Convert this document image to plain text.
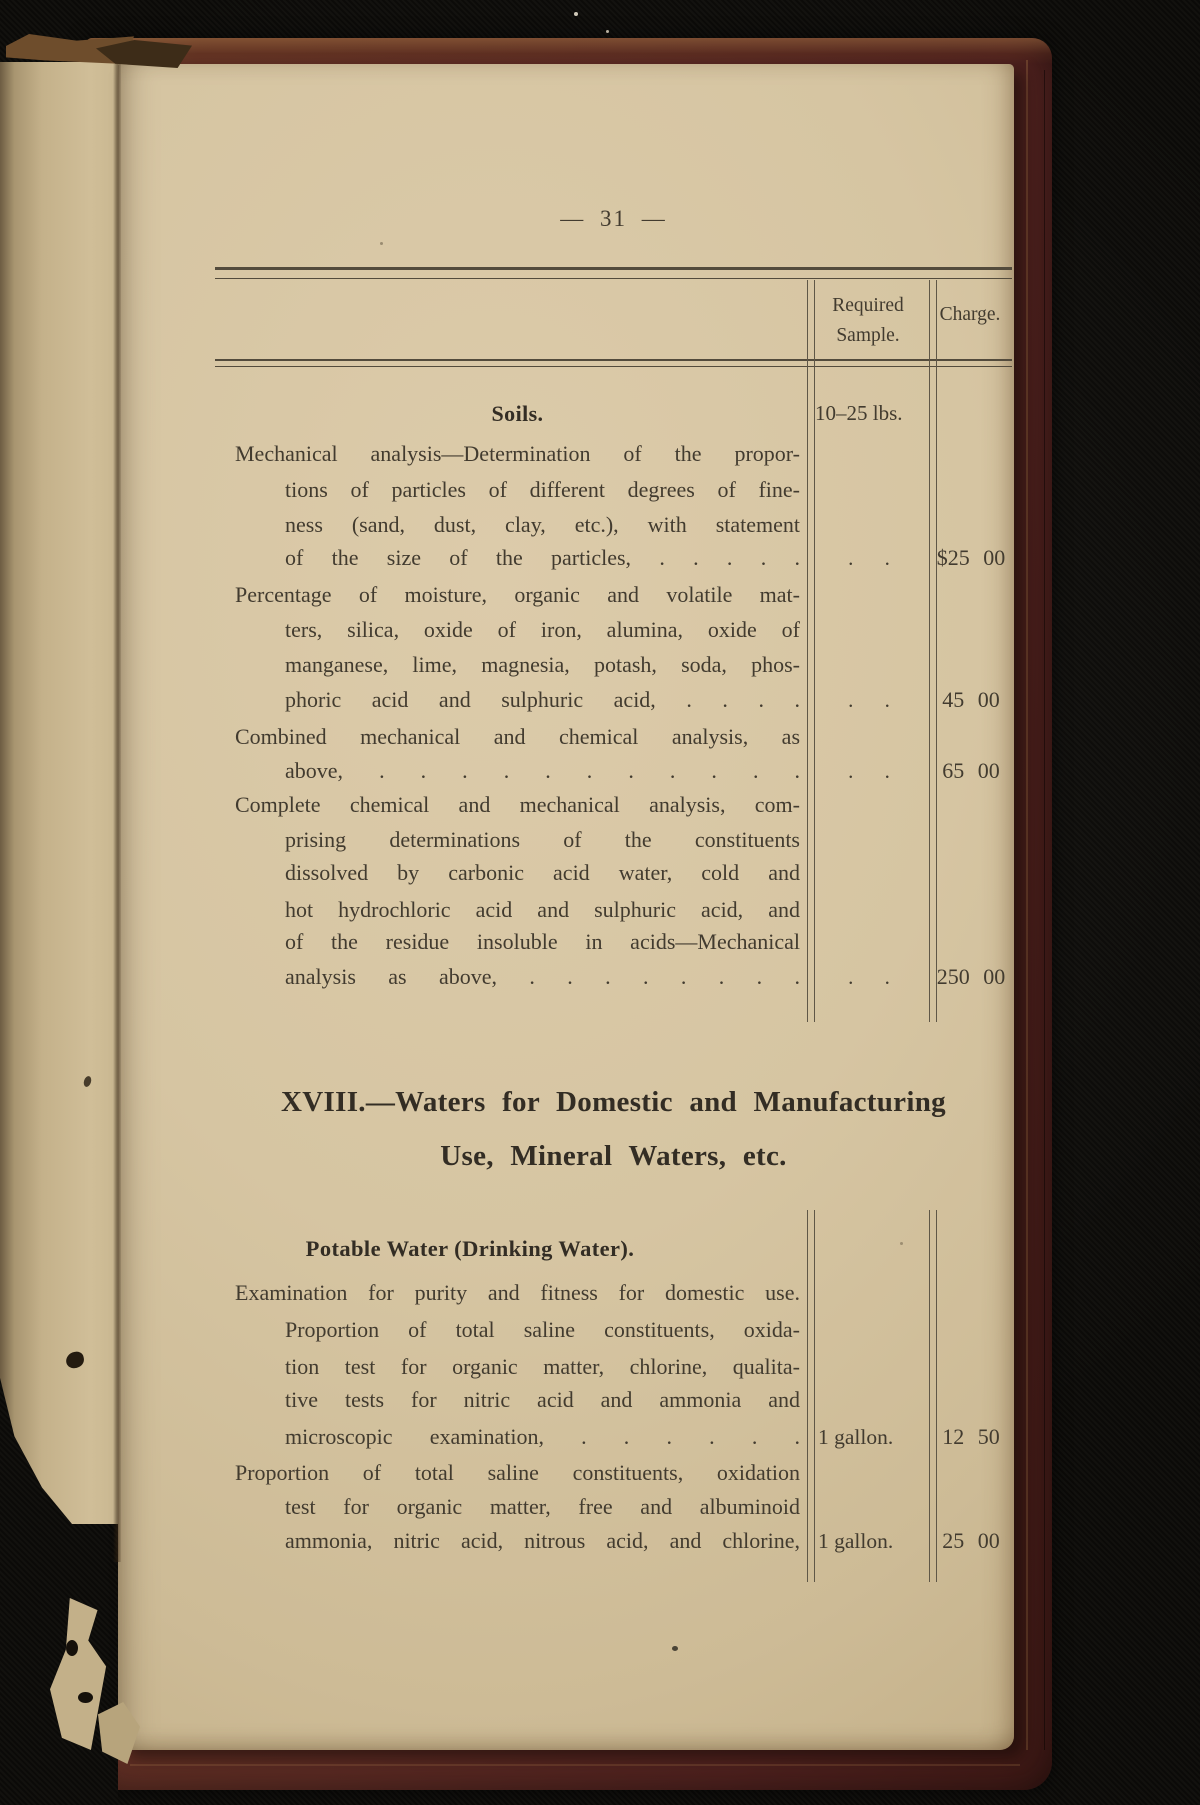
— 31 —
Required
Sample.
Charge.
Soils.	10–25 lbs.
Mechanical analysis—Determination of the propor-
tions of particles of different degrees of fine-
ness (sand, dust, clay, etc.), with statement
of the size of the particles, . . . . .
Percentage of moisture, organic and volatile mat-
ters, silica, oxide of iron, alumina, oxide of
manganese, lime, magnesia, potash, soda, phos-
phoric acid and sulphuric acid, . . . .
Combined mechanical and chemical analysis, as
above, . . . . . . . . . . .
Complete chemical and mechanical analysis, com-
prising determinations of the constituents
dissolved by carbonic acid water, cold and
hot hydrochloric acid and sulphuric acid, and
of the residue insoluble in acids—Mechanical
analysis as above, . . . . . . . .
. .
. .
. .
. .
$25 00
45 00
65 00
250 00
XVIII.—Waters for Domestic and Manufacturing
Use, Mineral Waters, etc.
Potable Water (Drinking Water).
Examination for purity and fitness for domestic use.
Proportion of total saline constituents, oxida-
tion test for organic matter, chlorine, qualita-
tive tests for nitric acid and ammonia and
microscopic examination, . . . . . .
Proportion of total saline constituents, oxidation
test for organic matter, free and albuminoid
ammonia, nitric acid, nitrous acid, and chlorine,
1 gallon.
1 gallon.
12 50
25 00
